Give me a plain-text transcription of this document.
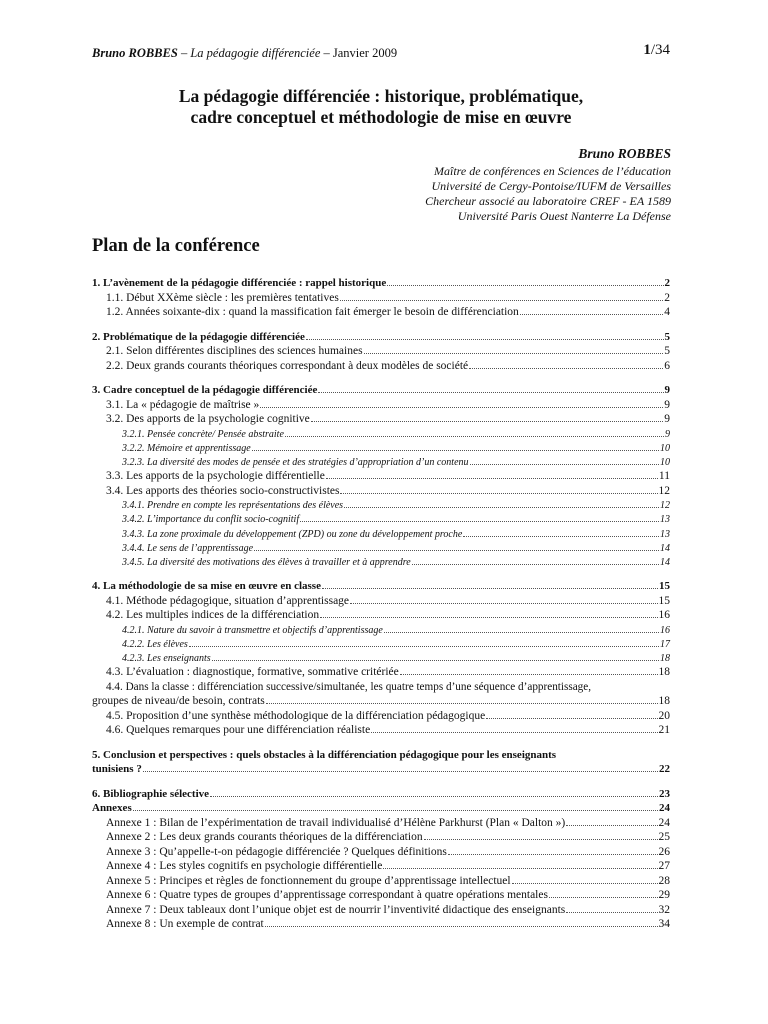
Bruno ROBBES – La pédagogie différenciée – Janvier 2009	1/34
La pédagogie différenciée : historique, problématique,
cadre conceptuel et méthodologie de mise en œuvre
Bruno ROBBES
Maître de conférences en Sciences de l’éducation
Université de Cergy-Pontoise/IUFM de Versailles
Chercheur associé au laboratoire CREF - EA 1589
Université Paris Ouest Nanterre La Défense
Plan de la conférence
1. L’avènement de la pédagogie différenciée : rappel historique	2
1.1. Début XXème siècle : les premières tentatives	2
1.2. Années soixante-dix : quand la massification fait émerger le besoin de différenciation	4
2. Problématique de la pédagogie différenciée	5
2.1. Selon différentes disciplines des sciences humaines	5
2.2. Deux grands courants théoriques correspondant à deux modèles de société	6
3. Cadre conceptuel de la pédagogie différenciée	9
3.1. La « pédagogie de maîtrise »	9
3.2. Des apports de la psychologie cognitive	9
3.2.1. Pensée concrète/ Pensée abstraite	9
3.2.2. Mémoire et apprentissage	10
3.2.3. La diversité des modes de pensée et des stratégies d’appropriation d’un contenu	10
3.3. Les apports de la psychologie différentielle	11
3.4. Les apports des théories socio-constructivistes	12
3.4.1. Prendre en compte les représentations des élèves	12
3.4.2. L’importance du conflit socio-cognitif	13
3.4.3. La zone proximale du développement (ZPD) ou zone du développement proche	13
3.4.4. Le sens de l’apprentissage	14
3.4.5. La diversité des motivations des élèves à travailler et à apprendre	14
4. La méthodologie de sa mise en œuvre en classe	15
4.1. Méthode pédagogique, situation d’apprentissage	15
4.2. Les multiples indices de la différenciation	16
4.2.1. Nature du savoir à transmettre et objectifs d’apprentissage	16
4.2.2. Les élèves	17
4.2.3. Les enseignants	18
4.3. L’évaluation : diagnostique, formative, sommative critériée	18
4.4. Dans la classe : différenciation successive/simultanée, les quatre temps d’une séquence d’apprentissage,
groupes de niveau/de besoin, contrats	18
4.5. Proposition d’une synthèse méthodologique de la différenciation pédagogique	20
4.6. Quelques remarques pour une différenciation réaliste	21
5. Conclusion et perspectives : quels obstacles à la différenciation pédagogique pour les enseignants
tunisiens ?	22
6. Bibliographie sélective	23
Annexes	24
Annexe 1 : Bilan de l’expérimentation de travail individualisé d’Hélène Parkhurst (Plan « Dalton »)	24
Annexe 2 : Les deux grands courants théoriques de la différenciation	25
Annexe 3 : Qu’appelle-t-on pédagogie différenciée ? Quelques définitions	26
Annexe 4 : Les styles cognitifs en psychologie différentielle	27
Annexe 5 : Principes et règles de fonctionnement du groupe d’apprentissage intellectuel	28
Annexe 6 : Quatre types de groupes d’apprentissage correspondant à quatre opérations mentales	29
Annexe 7 : Deux tableaux dont l’unique objet est de nourrir l’inventivité didactique des enseignants	32
Annexe 8 : Un exemple de contrat	34
